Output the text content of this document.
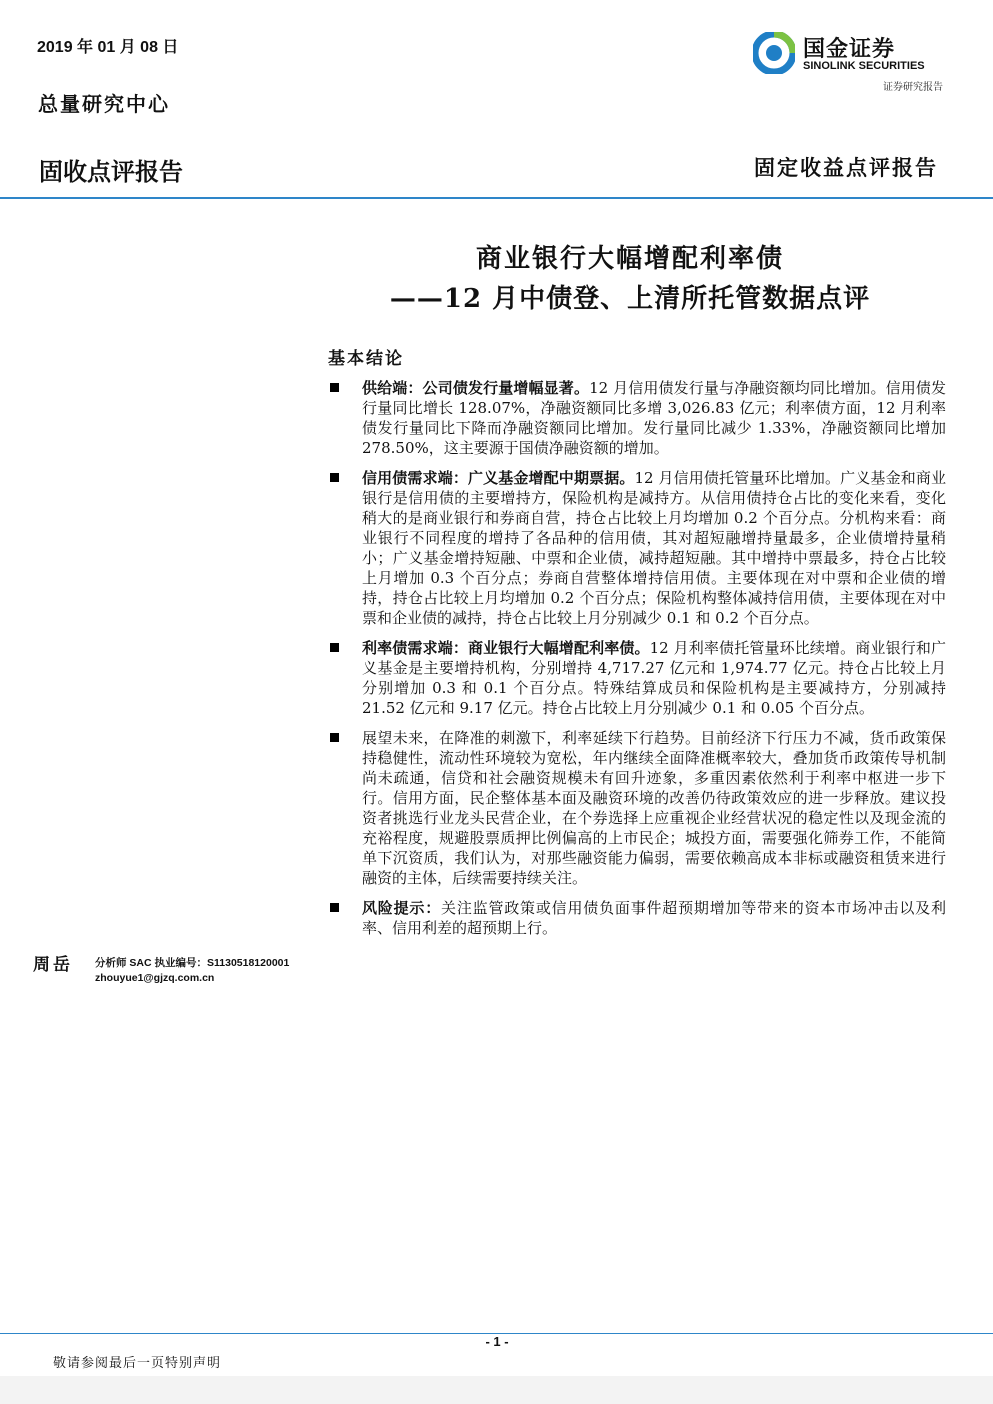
2019 年 01 月 08 日
总量研究中心
国金证券
SINOLINK SECURITIES
证券研究报告
固收点评报告	固定收益点评报告
商业银行大幅增配利率债
——12 月中债登、上清所托管数据点评
基本结论
供给端：公司债发行量增幅显著。12 月信用债发行量与净融资额均同比增加。信用债发行量同比增长 128.07%，净融资额同比多增 3,026.83 亿元；利率债方面，12 月利率债发行量同比下降而净融资额同比增加。发行量同比减少 1.33%，净融资额同比增加 278.50%，这主要源于国债净融资额的增加。
信用债需求端：广义基金增配中期票据。12 月信用债托管量环比增加。广义基金和商业银行是信用债的主要增持方，保险机构是减持方。从信用债持仓占比的变化来看，变化稍大的是商业银行和券商自营，持仓占比较上月均增加 0.2 个百分点。分机构来看：商业银行不同程度的增持了各品种的信用债，其对超短融增持量最多，企业债增持量稍小；广义基金增持短融、中票和企业债，减持超短融。其中增持中票最多，持仓占比较上月增加 0.3 个百分点；券商自营整体增持信用债。主要体现在对中票和企业债的增持，持仓占比较上月均增加 0.2 个百分点；保险机构整体减持信用债，主要体现在对中票和企业债的减持，持仓占比较上月分别减少 0.1 和 0.2 个百分点。
利率债需求端：商业银行大幅增配利率债。12 月利率债托管量环比续增。商业银行和广义基金是主要增持机构，分别增持 4,717.27 亿元和 1,974.77 亿元。持仓占比较上月分别增加 0.3 和 0.1 个百分点。特殊结算成员和保险机构是主要减持方，分别减持 21.52 亿元和 9.17 亿元。持仓占比较上月分别减少 0.1 和 0.05 个百分点。
展望未来，在降准的刺激下，利率延续下行趋势。目前经济下行压力不减，货币政策保持稳健性，流动性环境较为宽松，年内继续全面降准概率较大，叠加货币政策传导机制尚未疏通，信贷和社会融资规模未有回升迹象，多重因素依然利于利率中枢进一步下行。信用方面，民企整体基本面及融资环境的改善仍待政策效应的进一步释放。建议投资者挑选行业龙头民营企业，在个券选择上应重视企业经营状况的稳定性以及现金流的充裕程度，规避股票质押比例偏高的上市民企；城投方面，需要强化筛券工作，不能简单下沉资质，我们认为，对那些融资能力偏弱，需要依赖高成本非标或融资租赁来进行融资的主体，后续需要持续关注。
风险提示：关注监管政策或信用债负面事件超预期增加等带来的资本市场冲击以及利率、信用利差的超预期上行。
周岳 分析师 SAC 执业编号：S1130518120001
zhouyue1@gjzq.com.cn
- 1 -
敬请参阅最后一页特别声明
